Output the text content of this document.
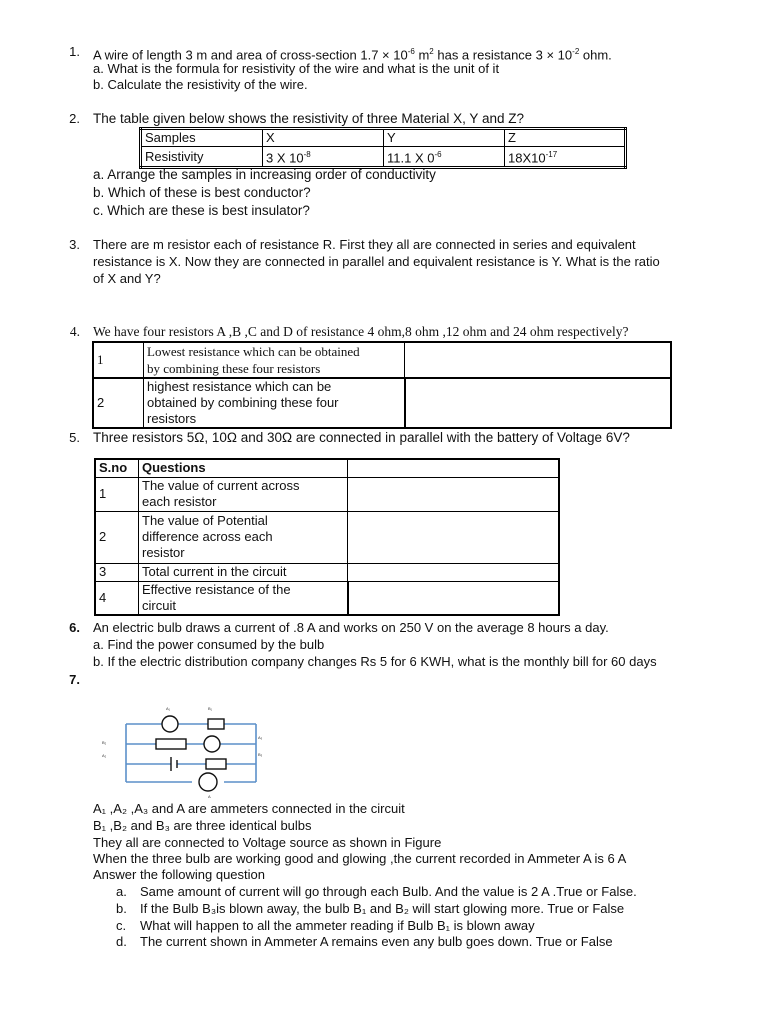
1. A wire of length 3 m and area of cross-section $1.7 \times 10^{-6}$ $m^2$ has a resistance $3 \times 10^{-2}$ ohm.
a. What is the formula for resistivity of the wire and what is the unit of it
b. Calculate the resistivity of the wire.
2. The table given below shows the resistivity of three Material X, Y and Z?
Samples	X	Y	Z
Resistivity	3 X $10^{-8}$	11.1 X $0^{-6}$	$18X10^{-17}$
a. Arrange the samples in increasing order of conductivity
b. Which of these is best conductor?
c. Which are these is best insulator?
3. There are m resistor each of resistance R. First they all are connected in series and equivalent
resistance is X. Now they are connected in parallel and equivalent resistance is Y. What is the ratio
of X and Y?
4. We have four resistors A ,B ,C and D of resistance 4 ohm,8 ohm ,12 ohm and 24 ohm respectively?
1	Lowest resistance which can be obtained
by combining these four resistors	

2	highest resistance which can be
obtained by combining these four
resistors	

5. Three resistors 5Ω, 10Ω and 30Ω are connected in parallel with the battery of Voltage 6V?
S.no	Questions	
1	The value of current across
each resistor	

2	The value of Potential
difference across each
resistor	

3	Total current in the circuit	

4	Effective resistance of the
circuit	

6. An electric bulb draws a current of .8 A and works on 250 V on the average 8 hours a day.
a. Find the power consumed by the bulb
b. If the electric distribution company changes Rs 5 for 6 KWH, what is the monthly bill for 60 days
7.
A₁	B₁
B₂
A₂
A₃
B₃
A
A₁ ,A₂ ,A₃ and A are ammeters connected in the circuit
B₁ ,B₂ and B₃ are three identical bulbs
They all are connected to Voltage source as shown in Figure
When the three bulb are working good and glowing ,the current recorded in Ammeter A is 6 A
Answer the following question
a. Same amount of current will go through each Bulb. And the value is 2 A .True or False.
b. If the Bulb B₃is blown away, the bulb B₁ and B₂ will start glowing more. True or False
c. What will happen to all the ammeter reading if Bulb B₁ is blown away
d. The current shown in Ammeter A remains even any bulb goes down. True or False
